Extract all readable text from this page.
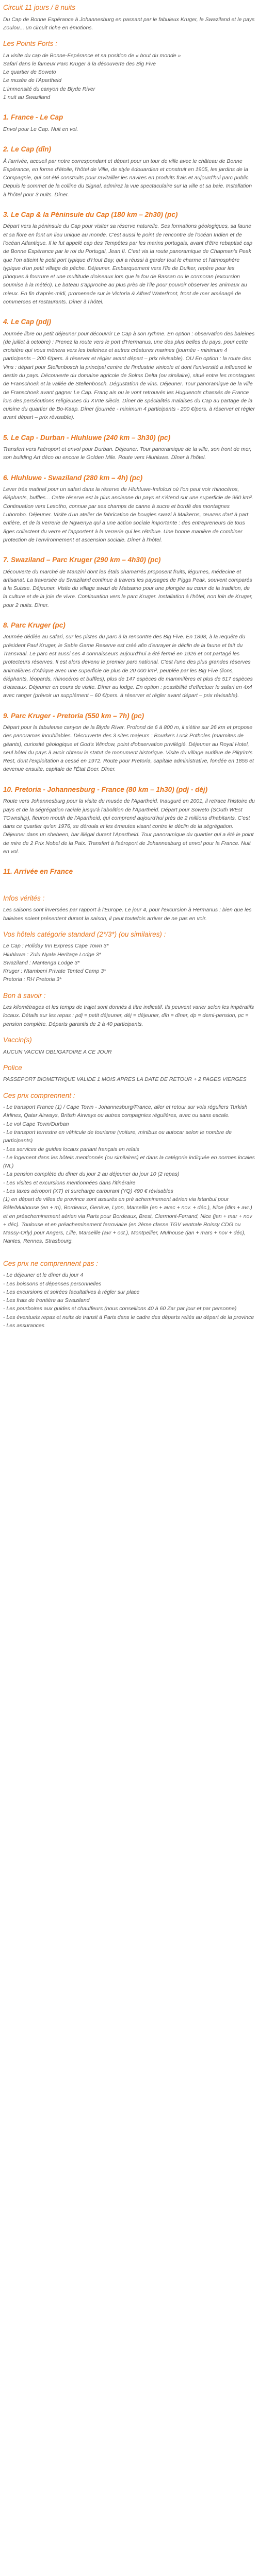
Circuit 11 jours / 8 nuits

Du Cap de Bonne Espérance à Johannesburg en passant par le fabuleux Kruger, le Swaziland et le pays Zoulou... un circuit riche en émotions.

Les Points Forts :
La visite du cap de Bonne-Espérance et sa position de « bout du monde »
Safari dans le fameux Parc Kruger à la découverte des Big Five
Le quartier de Soweto
Le musée de l'Apartheid
L'immensité du canyon de Blyde River
1 nuit au Swaziland
1. France - Le Cap

Envol pour Le Cap. Nuit en vol.

2. Le Cap (dîn)

À l'arrivée, accueil par notre correspondant et départ pour un tour de ville avec le château de Bonne Espérance, en forme d'étoile, l'hôtel de Ville, de style édouardien et construit en 1905, les jardins de la Compagnie, qui ont été construits pour ravitailler les navires en produits frais et aujourd'hui parc public. Depuis le sommet de la colline du Signal, admirez la vue spectaculaire sur la ville et sa baie. Installation à l'hôtel pour 3 nuits. Dîner.

3. Le Cap & la Péninsule du Cap (180 km – 2h30) (pc)

Départ vers la péninsule du Cap pour visiter sa réserve naturelle. Ses formations géologiques, sa faune et sa flore en font un lieu unique au monde. C'est aussi le point de rencontre de l'océan Indien et de l'océan Atlantique. Il le fut appelé cap des Tempêtes par les marins portugais, avant d'être rebaptisé cap de Bonne Espérance par le roi du Portugal, Jean II. C'est via la route panoramique de Chapman's Peak que l'on atteint le petit port typique d'Hout Bay, qui a réussi à garder tout le charme et l'atmosphère typique d'un petit village de pêche. Déjeuner. Embarquement vers l'île de Duiker, repère pour les phoques à fourrure et une multitude d'oiseaux lors que la fou de Bassan ou le cormoran (excursion soumise à la météo). Le bateau s'approche au plus près de l'île pour pouvoir observer les animaux au mieux. En fin d'après-midi, promenade sur le Victoria & Alfred Waterfront, front de mer aménagé de commerces et restaurants. Dîner à l'hôtel.

4. Le Cap (pdj)

Journée libre ou petit déjeuner pour découvrir Le Cap à son rythme. En option : observation des baleines (de juillet à octobre) : Prenez la route vers le port d'Hermanus, une des plus belles du pays, pour cette croisière qui vous mènera vers les baleines et autres créatures marines (journée - minimum 4 participants – 200 €/pers. à réserver et régler avant départ – prix révisable). OU En option : la route des Vins : départ pour Stellenbosch la principal centre de l'industrie vinicole et dont l'université a influencé le destin du pays. Découverte du domaine agricole de Solms Delta (ou similaire), situé entre les montagnes de Franschoek et la vallée de Stellenbosch. Dégustation de vins. Déjeuner. Tour panoramique de la ville de Franschoek avant gagner Le Cap. Franç ais ou le vont retrouvés les Huguenots chassés de France lors des persécutions religieuses du XVIIe siècle. Dîner de spécialités malaises du Cap au partage de la cuisine du quartier de Bo-Kaap. Dîner (journée - minimum 4 participants - 200 €/pers. à réserver et régler avant départ – prix révisable).

5. Le Cap - Durban - Hluhluwe (240 km – 3h30) (pc)

Transfert vers l'aéroport et envol pour Durban. Déjeuner. Tour panoramique de la ville, son front de mer, son building Art déco ou encore le Golden Mile. Route vers Hluhluwe. Dîner à l'hôtel.

6. Hluhluwe - Swaziland (280 km – 4h) (pc)

Lever très matinal pour un safari dans la réserve de Hluhluwe-Imfolozi où l'on peut voir rhinocéros, éléphants, buffles... Cette réserve est la plus ancienne du pays et s'étend sur une superficie de 960 km². Continuation vers Lesotho, connue par ses champs de canne à sucre et bordé des montagnes Lubombo. Déjeuner. Visite d'un atelier de fabrication de bougies swazi à Malkerns, œuvres d'art à part entière, et de la verrerie de Ngwenya qui a une action sociale importante : des entrepreneurs de tous âges collectent du verre et l'apportent à la verrerie qui les rétribue. Une bonne manière de combiner protection de l'environnement et ascension sociale. Dîner à l'hôtel.

7. Swaziland – Parc Kruger (290 km – 4h30) (pc)

Découverte du marché de Manzini dont les étals chamarrés proposent fruits, légumes, médecine et artisanat. La traversée du Swaziland continue à travers les paysages de Piggs Peak, souvent comparés à la Suisse. Déjeuner. Visite du village swazi de Matsamo pour une plongée au cœur de la tradition, de la culture et de la joie de vivre. Continuation vers le parc Kruger. Installation à l'hôtel, non loin de Kruger, pour 2 nuits. Dîner.

8. Parc Kruger (pc)

Journée dédiée au safari, sur les pistes du parc à la rencontre des Big Five. En 1898, à la requête du président Paul Kruger, le Sabie Game Reserve est créé afin d'enrayer le déclin de la faune et fait du Transvaal. Le parc est aussi ses 4 connaisseurs aujourd'hui a été fermé en 1926 et ont partagé les protecteurs réserves. Il est alors devenu le premier parc national. C'est l'une des plus grandes réserves animalières d'Afrique avec une superficie de plus de 20 000 km², peuplée par les Big Five (lions, éléphants, léopards, rhinocéros et buffles), plus de 147 espèces de mammifères et plus de 517 espèces d'oiseaux. Déjeuner en cours de visite. Dîner au lodge. En option : possibilité d'effectuer le safari en 4x4 avec ranger (prévoir un supplément – 60 €/pers. à réserver et régler avant départ – prix révisable).

9. Parc Kruger - Pretoria (550 km – 7h) (pc)

Départ pour la fabuleuse canyon de la Blyde River. Profond de 6 à 800 m, il s'étire sur 26 km et propose des panoramas inoubliables. Découverte des 3 sites majeurs : Bourke's Luck Potholes (marmites de géants), curiosité géologique et God's Window, point d'observation privilégié. Déjeuner au Royal Hotel, seul hôtel du pays à avoir obtenu le statut de monument historique. Visite du village aurifère de Pilgrim's Rest, dont l'exploitation a cessé en 1972. Route pour Pretoria, capitale administrative, fondée en 1855 et devenue ensuite, capitale de l'État Boer. Dîner.

10. Pretoria - Johannesburg - France (80 km – 1h30) (pdj - déj)

Route vers Johannesburg pour la visite du musée de l'Apartheid. Inauguré en 2001, il retrace l'histoire du pays et de la ségrégation raciale jusqu'à l'abolition de l'Apartheid. Départ pour Soweto (SOuth WEst TOwnship), fleuron mouth de l'Apartheid, qui comprend aujourd'hui près de 2 millions d'habitants. C'est dans ce quartier qu'en 1976, se déroula et les émeutes visant contre le déclin de la ségrégation. Déjeuner dans un shebeen, bar illégal durant l'Apartheid. Tour panoramique du quartier qui a été le point de mire de 2 Prix Nobel de la Paix. Transfert à l'aéroport de Johannesburg et envol pour la France. Nuit en vol.

11. Arrivée en France

Infos vérités :

Les saisons sont inversées par rapport à l'Europe. Le jour 4, pour l'excursion à Hermanus : bien que les baleines soient présentent durant la saison, il peut toutefois arriver de ne pas en voir.

Vos hôtels catégorie standard (2*/3*) (ou similaires) :
Le Cap : Holiday Inn Express Cape Town 3*
Hluhluwe : Zulu Nyala Heritage Lodge 3*
Swaziland : Mantenga Lodge 3*
Kruger : Ntambeni Private Tented Camp 3*
Pretoria : RH Pretoria 3*
Bon à savoir :

Les kilométrages et les temps de trajet sont donnés à titre indicatif. Ils peuvent varier selon les impératifs locaux. Détails sur les repas : pdj = petit déjeuner, déj = déjeuner, dîn = dîner, dp = demi-pension, pc = pension complète. Départs garantis de 2 à 40 participants.

Vaccin(s)

AUCUN VACCIN OBLIGATOIRE A CE JOUR

Police

PASSEPORT BIOMETRIQUE VALIDE 1 MOIS APRES LA DATE DE RETOUR + 2 PAGES VIERGES

Ces prix comprennent :
- Le transport France (1) / Cape Town - Johannesburg/France, aller et retour sur vols réguliers Turkish Airlines, Qatar Airways, British Airways ou autres compagnies régulières, avec ou sans escale.
- Le vol Cape Town/Durban
- Le transport terrestre en véhicule de tourisme (voiture, minibus ou autocar selon le nombre de participants)
- Les services de guides locaux parlant français en relais
- Le logement dans les hôtels mentionnés (ou similaires) et dans la catégorie indiquée en normes locales (NL)
- La pension complète du dîner du jour 2 au déjeuner du jour 10 (2 repas)
- Les visites et excursions mentionnées dans l'itinéraire
- Les taxes aéroport (XT) et surcharge carburant (YQ) 490 € révisables
(1) en départ de villes de province sont assurés en pré acheminement aérien via Istanbul pour Bâle/Mulhouse (en + m), Bordeaux, Genève, Lyon, Marseille (en + avec + nov. + déc.), Nice (dim + avr.) et en préacheminement aérien via Paris pour Bordeaux, Brest, Clermont-Ferrand, Nice (jan + mar + nov + déc). Toulouse et en préacheminement ferroviaire (en 2ème classe TGV ventrale Roissy CDG ou Massy-Orly) pour Angers, Lille, Marseille (avr + oct.), Montpellier, Mulhouse (jan + mars + nov + déc), Nantes, Rennes, Strasbourg.
Ces prix ne comprennent pas :
- Le déjeuner et le dîner du jour 4
- Les boissons et dépenses personnelles
- Les excursions et soirées facultatives à régler sur place
- Les frais de frontière au Swaziland
- Les pourboires aux guides et chauffeurs (nous conseillons 40 à 60 Zar par jour et par personne)
- Les éventuels repas et nuits de transit à Paris dans le cadre des départs reliés au départ de la province
- Les assurances
